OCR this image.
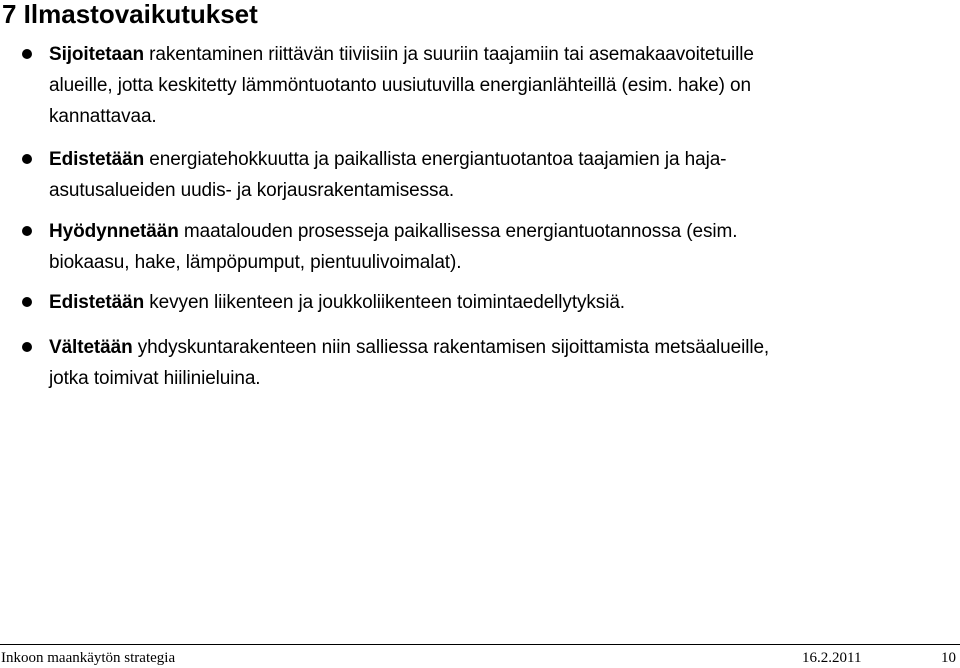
7 Ilmastovaikutukset

Sijoitetaan rakentaminen riittävän tiiviisiin ja suuriin taajamiin tai asemakaavoitetuille

alueille, jotta keskitetty lämmöntuotanto uusiutuvilla energianlähteillä (esim. hake) on

kannattavaa.

Edistetään energiatehokkuutta ja paikallista energiantuotantoa taajamien ja haja-

asutusalueiden uudis- ja korjausrakentamisessa.

Hyödynnetään maatalouden prosesseja paikallisessa energiantuotannossa (esim.

biokaasu, hake, lämpöpumput, pientuulivoimalat).

Edistetään kevyen liikenteen ja joukkoliikenteen toimintaedellytyksiä.

Vältetään yhdyskuntarakenteen niin salliessa rakentamisen sijoittamista metsäalueille,

jotka toimivat hiilinieluina.

Inkoon maankäytön strategia	16.2.2011	10
